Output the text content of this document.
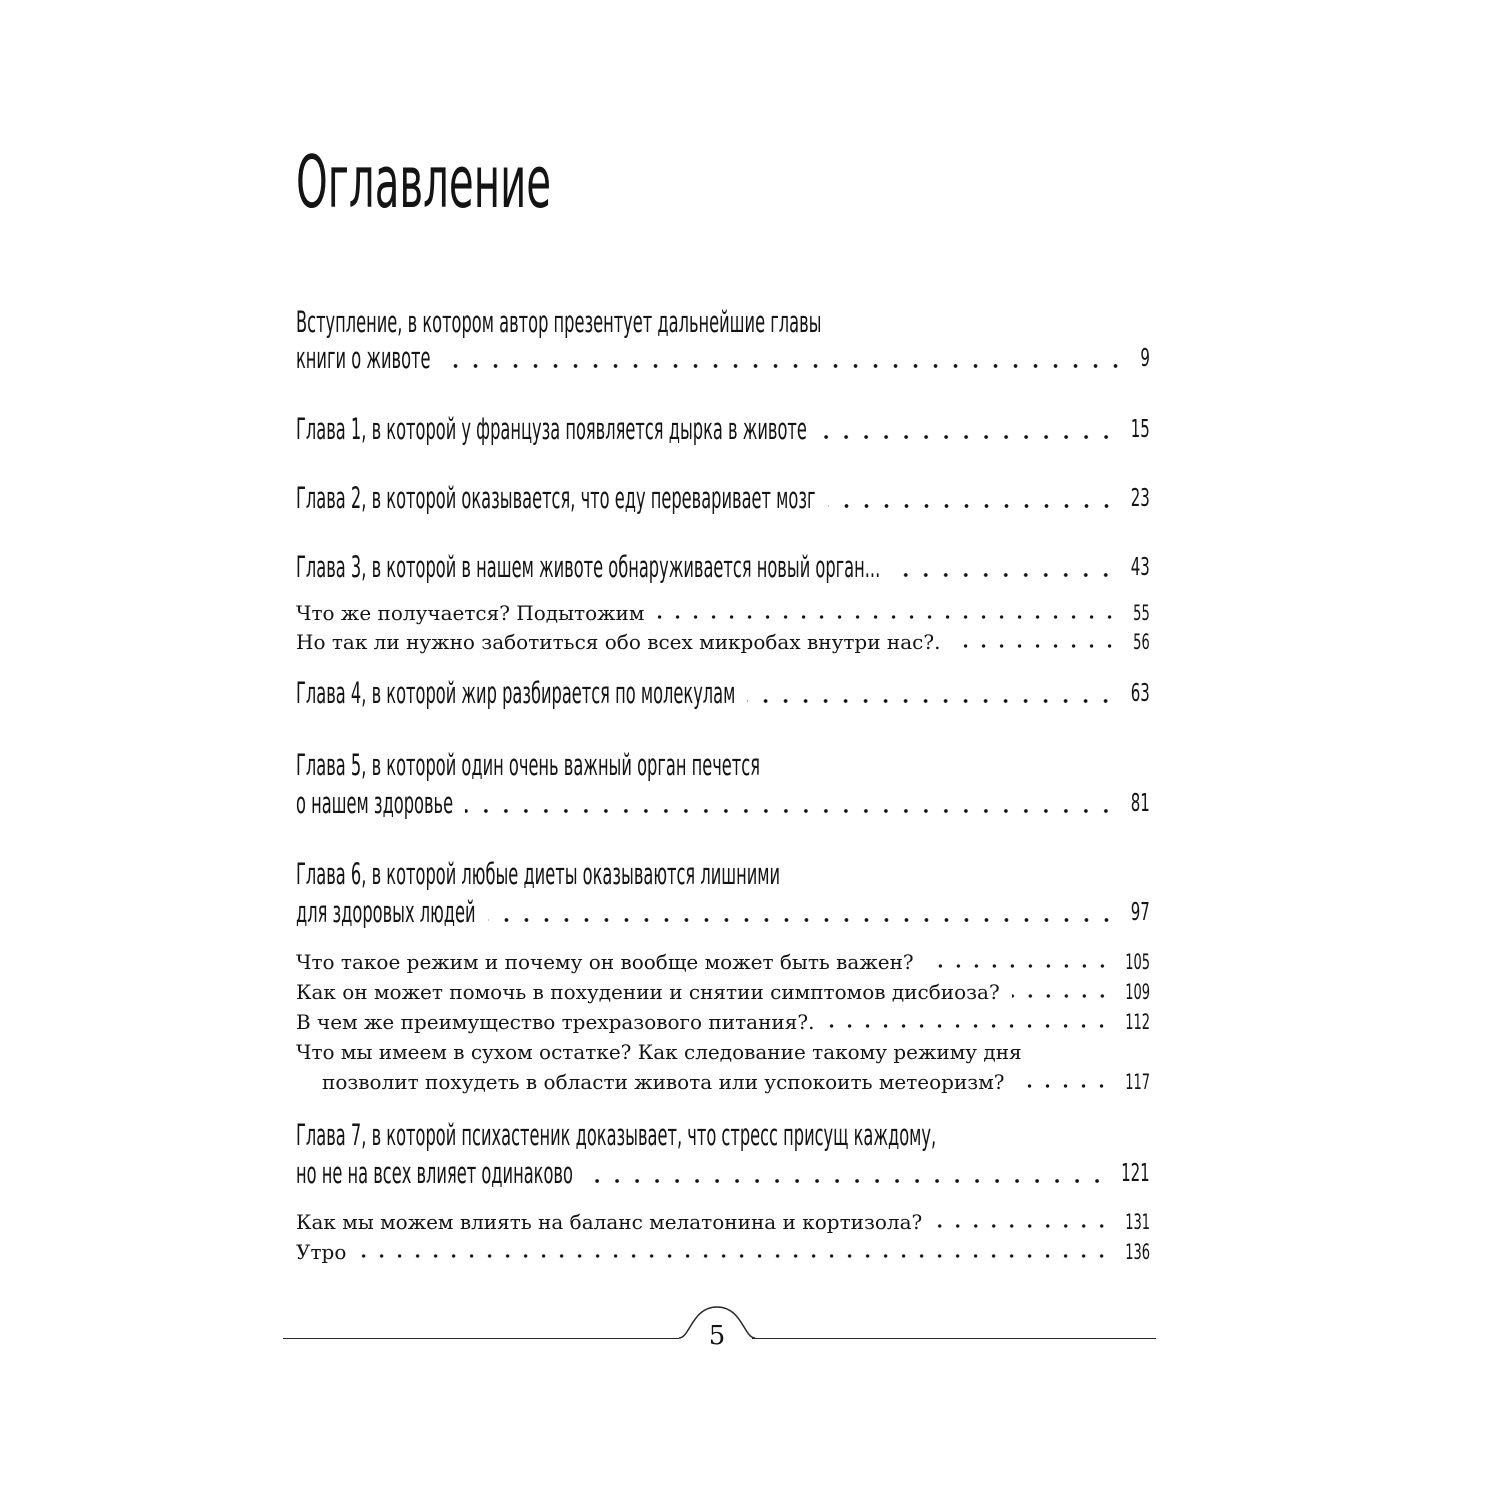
Оглавление
Вступление, в котором автор презентует дальнейшие главы
книги о животе	9
Глава 1, в которой у француза появляется дырка в животе	15
Глава 2, в которой оказывается, что еду переваривает мозг	23
Глава 3, в которой в нашем животе обнаруживается новый орган...	43
Что же получается? Подытожим	55
Но так ли нужно заботиться обо всех микробах внутри нас?.	56
Глава 4, в которой жир разбирается по молекулам	63
Глава 5, в которой один очень важный орган печется
о нашем здоровье	81
Глава 6, в которой любые диеты оказываются лишними
для здоровых людей	97
Что такое режим и почему он вообще может быть важен?	105
Как он может помочь в похудении и снятии симптомов дисбиоза?	109
В чем же преимущество трехразового питания?.	112
Что мы имеем в сухом остатке? Как следование такому режиму дня
позволит похудеть в области живота или успокоить метеоризм?	117
Глава 7, в которой психастеник доказывает, что стресс присущ каждому,
но не на всех влияет одинаково	121
Как мы можем влиять на баланс мелатонина и кортизола?	131
Утро	136
5
